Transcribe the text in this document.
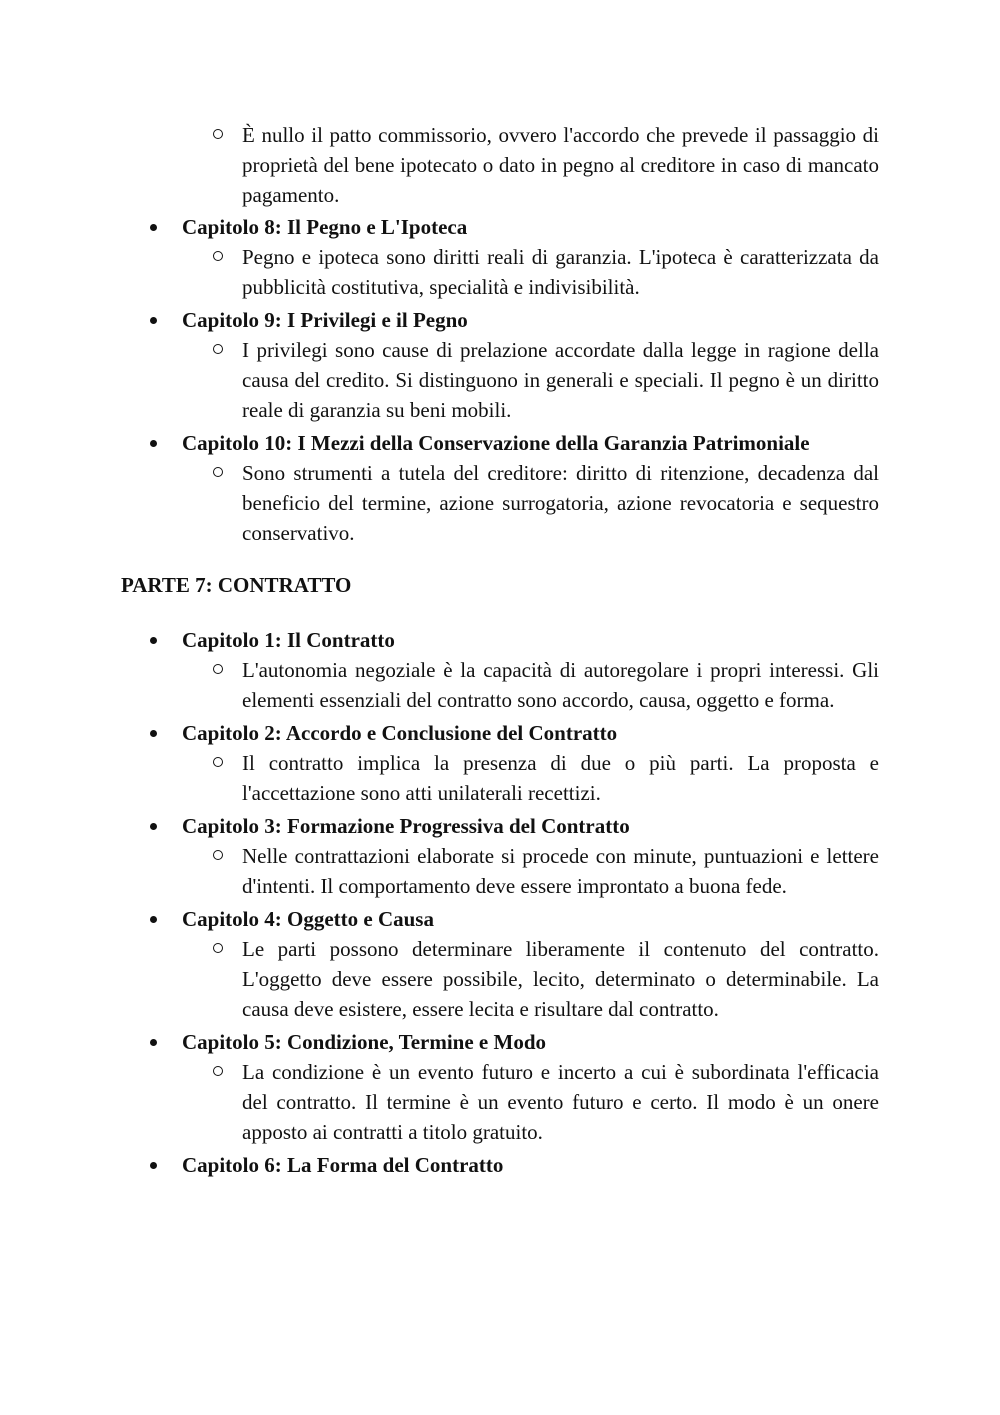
È nullo il patto commissorio, ovvero l'accordo che prevede il passaggio di proprietà del bene ipotecato o dato in pegno al creditore in caso di mancato pagamento.
Capitolo 8: Il Pegno e L'Ipoteca
Pegno e ipoteca sono diritti reali di garanzia. L'ipoteca è caratterizzata da pubblicità costitutiva, specialità e indivisibilità.
Capitolo 9: I Privilegi e il Pegno
I privilegi sono cause di prelazione accordate dalla legge in ragione della causa del credito. Si distinguono in generali e speciali. Il pegno è un diritto reale di garanzia su beni mobili.
Capitolo 10: I Mezzi della Conservazione della Garanzia Patrimoniale
Sono strumenti a tutela del creditore: diritto di ritenzione, decadenza dal beneficio del termine, azione surrogatoria, azione revocatoria e sequestro conservativo.
PARTE 7: CONTRATTO
Capitolo 1: Il Contratto
L'autonomia negoziale è la capacità di autoregolare i propri interessi. Gli elementi essenziali del contratto sono accordo, causa, oggetto e forma.
Capitolo 2: Accordo e Conclusione del Contratto
Il contratto implica la presenza di due o più parti. La proposta e l'accettazione sono atti unilaterali recettizi.
Capitolo 3: Formazione Progressiva del Contratto
Nelle contrattazioni elaborate si procede con minute, puntuazioni e lettere d'intenti. Il comportamento deve essere improntato a buona fede.
Capitolo 4: Oggetto e Causa
Le parti possono determinare liberamente il contenuto del contratto. L'oggetto deve essere possibile, lecito, determinato o determinabile. La causa deve esistere, essere lecita e risultare dal contratto.
Capitolo 5: Condizione, Termine e Modo
La condizione è un evento futuro e incerto a cui è subordinata l'efficacia del contratto. Il termine è un evento futuro e certo. Il modo è un onere apposto ai contratti a titolo gratuito.
Capitolo 6: La Forma del Contratto
